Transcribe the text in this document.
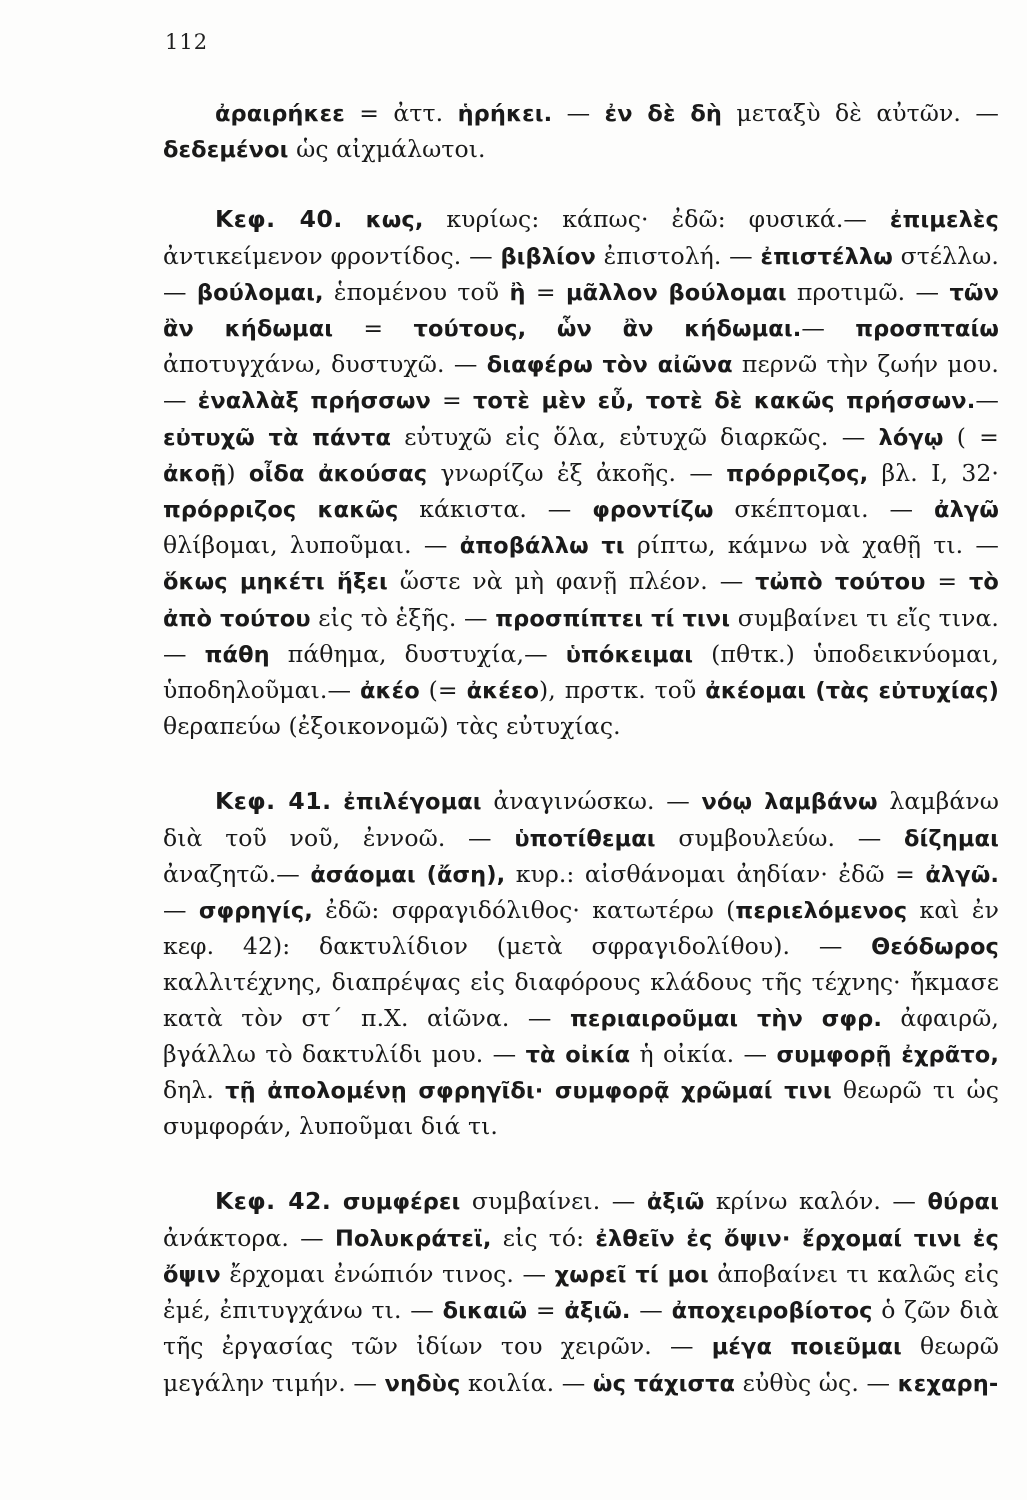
112

ἀραιρήκεε = ἀττ. ἡρήκει. — ἐν δὲ δὴ μεταξὺ δὲ αὐτῶν. — δεδεμένοι ὡς αἰχμάλωτοι.

Κεφ. 40. κως, κυρίως: κάπως· ἐδῶ: φυσικά.— ἐπιμελὲς ἀντικείμενον φροντίδος. — βιβλίον ἐπιστολή. — ἐπιστέλλω στέλλω.— βούλομαι, ἑπομένου τοῦ ἢ = μᾶλλον βούλομαι προτιμῶ. — τῶν ἂν κήδωμαι = τούτους, ὧν ἂν κήδωμαι.— προσπταίω ἀποτυγχάνω, δυστυχῶ. — διαφέρω τὸν αἰῶνα περνῶ τὴν ζωήν μου. — ἐναλλὰξ πρήσσων = τοτὲ μὲν εὖ, τοτὲ δὲ κακῶς πρήσσων.—εὐτυχῶ τὰ πάντα εὐτυχῶ εἰς ὅλα, εὐτυχῶ διαρκῶς. — λόγῳ ( = ἀκοῇ) οἶδα ἀκούσας γνωρίζω ἐξ ἀκοῆς. — πρόρριζος, βλ. I, 32· πρόρριζος κακῶς κάκιστα. — φροντίζω σκέπτομαι. — ἀλγῶ θλίβομαι, λυποῦμαι. — ἀποβάλλω τι ρίπτω, κάμνω νὰ χαθῇ τι. — ὅκως μηκέτι ἥξει ὥστε νὰ μὴ φανῇ πλέον. — τὠπὸ τούτου = τὸ ἀπὸ τούτου εἰς τὸ ἑξῆς. — προσπίπτει τί τινι συμβαίνει τι εἴς τινα. — πάθη πάθημα, δυστυχία,— ὑπόκειμαι (πθτκ.) ὑποδεικνύομαι, ὑποδηλοῦμαι.— ἀκέο (= ἀκέεο), πρστκ. τοῦ ἀκέομαι (τὰς εὐτυχίας) θεραπεύω (ἐξοικονομῶ) τὰς εὐτυχίας.

Κεφ. 41. ἐπιλέγομαι ἀναγινώσκω. — νόῳ λαμβάνω λαμβάνω διὰ τοῦ νοῦ, ἐννοῶ. — ὑποτίθεμαι συμβουλεύω. — δίζημαι ἀναζητῶ.— ἀσάομαι (ἄση), κυρ.: αἰσθάνομαι ἀηδίαν· ἐδῶ = ἀλγῶ. — σφρηγίς, ἐδῶ: σφραγιδόλιθος· κατωτέρω (περιελόμενος καὶ ἐν κεφ. 42): δακτυλίδιον (μετὰ σφραγιδολίθου). — Θεόδωρος καλλιτέχνης, διαπρέψας εἰς διαφόρους κλάδους τῆς τέχνης· ἤκμασε κατὰ τὸν στ΄ π.Χ. αἰῶνα. — περιαιροῦμαι τὴν σφρ. ἀφαιρῶ, βγάλλω τὸ δακτυλίδι μου. — τὰ οἰκία ἡ οἰκία. — συμφορῇ ἐχρᾶτο, δηλ. τῇ ἀπολομένῃ σφρηγῖδι· συμφορᾷ χρῶμαί τινι θεωρῶ τι ὡς συμφοράν, λυποῦμαι διά τι.

Κεφ. 42. συμφέρει συμβαίνει. — ἀξιῶ κρίνω καλόν. — θύραι ἀνάκτορα. — Πολυκράτεϊ, εἰς τό: ἐλθεῖν ἐς ὄψιν· ἔρχομαί τινι ἐς ὄψιν ἔρχομαι ἐνώπιόν τινος. — χωρεῖ τί μοι ἀποβαίνει τι καλῶς εἰς ἐμέ, ἐπιτυγχάνω τι. — δικαιῶ = ἀξιῶ. — ἀποχειροβίοτος ὁ ζῶν διὰ τῆς ἐργασίας τῶν ἰδίων του χειρῶν. — μέγα ποιεῦμαι θεωρῶ μεγάλην τιμήν. — νηδὺς κοιλία. — ὡς τάχιστα εὐθὺς ὡς. — κεχαρη-
